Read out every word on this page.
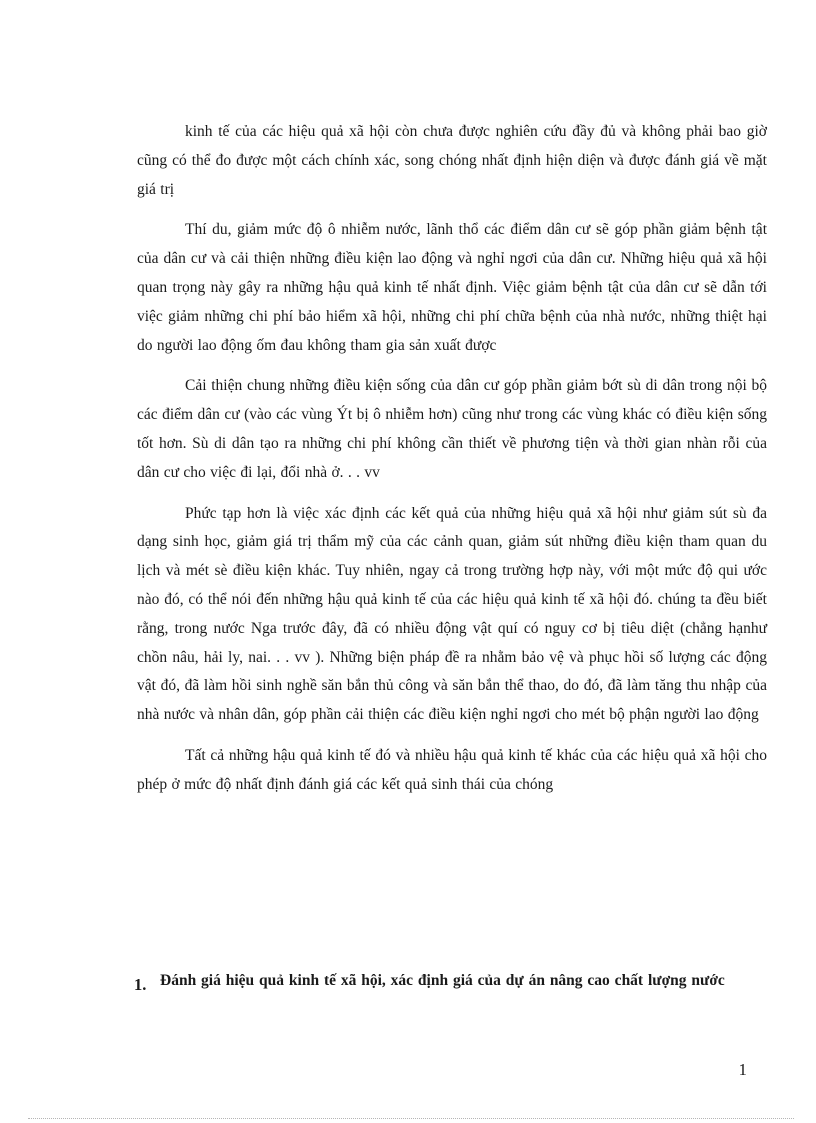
kinh tế của các hiệu quả xã hội còn chưa được nghiên cứu đầy đủ và không phải bao giờ cũng có thể đo được một cách chính xác, song chóng nhất định hiện diện và được đánh giá về mặt giá trị

Thí du, giảm mức độ ô nhiễm nước, lãnh thổ các điểm dân cư sẽ góp phần giảm bệnh tật của dân cư và cải thiện những điều kiện lao động và nghỉ ngơi của dân cư. Những hiệu quả xã hội quan trọng này gây ra những hậu quả kinh tế nhất định. Việc giảm bệnh tật của dân cư sẽ dẫn tới việc giảm những chi phí bảo hiểm xã hội, những chi phí chữa bệnh của nhà nước, những thiệt hại do người lao động ốm đau không tham gia sản xuất được

Cải thiện chung những điều kiện sống của dân cư góp phần giảm bớt sù di dân trong nội bộ các điểm dân cư (vào các vùng Ýt bị ô nhiễm hơn) cũng như trong các vùng khác có điều kiện sống tốt hơn. Sù di dân tạo ra những chi phí không cần thiết về phương tiện và thời gian nhàn rỗi của dân cư cho việc đi lại, đổi nhà ở. . . vv

Phức tạp hơn là việc xác định các kết quả của những hiệu quả xã hội như giảm sút sù đa dạng sinh học, giảm giá trị thẩm mỹ của các cảnh quan, giảm sút những điều kiện tham quan du lịch và mét sè điều kiện khác. Tuy nhiên, ngay cả trong trường hợp này, với một mức độ qui ước nào đó, có thể nói đến những hậu quả kinh tế của các hiệu quả kinh tế xã hội đó. chúng ta đều biết rằng, trong nước Nga trước đây, đã có nhiều động vật quí có nguy cơ bị tiêu diệt (chẳng hạnhư chồn nâu, hải ly, nai. . . vv ). Những biện pháp đề ra nhằm bảo vệ và phục hồi số lượng các động vật đó, đã làm hồi sinh nghề săn bắn thủ công và săn bắn thể thao, do đó, đã làm tăng thu nhập của nhà nước và nhân dân, góp phần cải thiện các điều kiện nghỉ ngơi cho mét bộ phận người lao động

Tất cả những hậu quả kinh tế đó và nhiều hậu quả kinh tế khác của các hiệu quả xã hội cho phép ở mức độ nhất định đánh giá các kết quả sinh thái của chóng

1. Đánh giá hiệu quả kinh tế xã hội, xác định giá của dự án nâng cao chất lượng nước
1
